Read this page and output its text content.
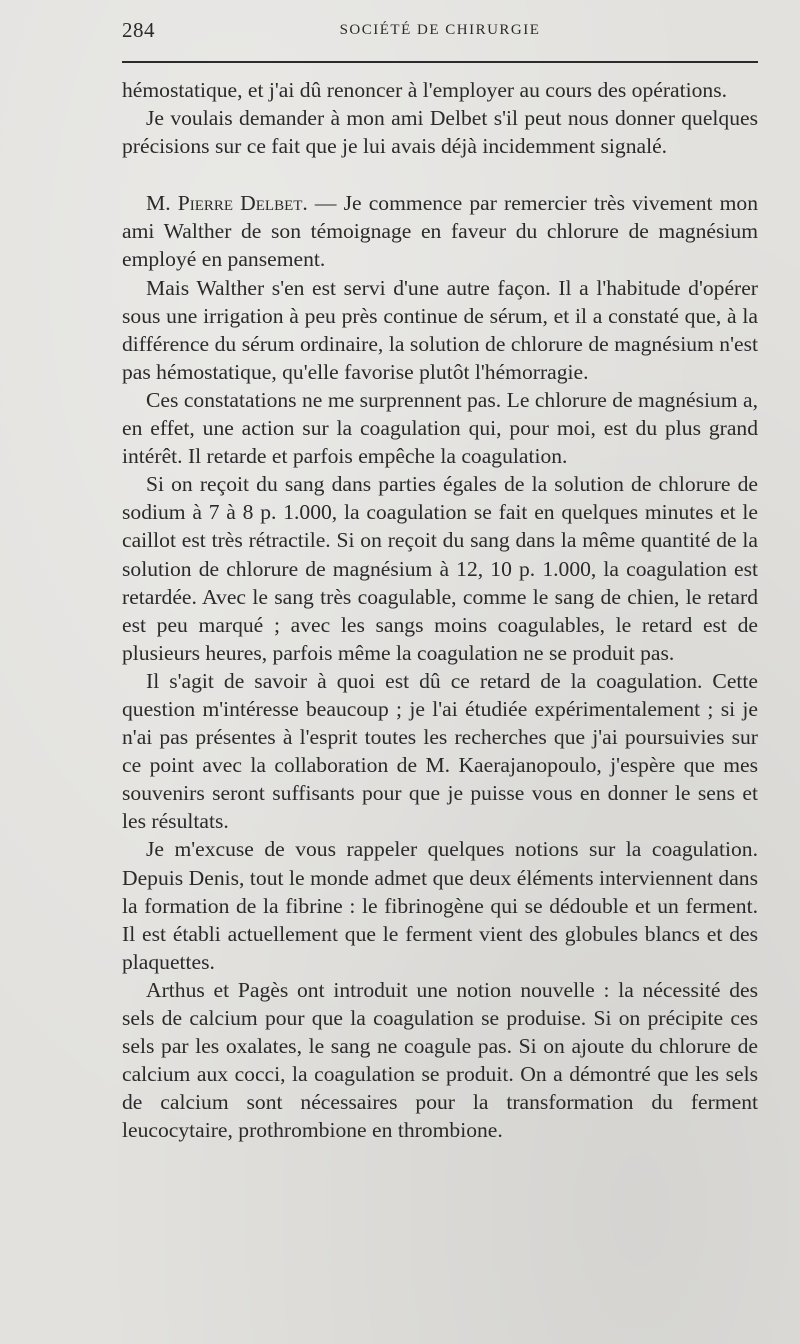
284	SOCIÉTÉ DE CHIRURGIE

hémostatique, et j'ai dû renoncer à l'employer au cours des opérations.

Je voulais demander à mon ami Delbet s'il peut nous donner quelques précisions sur ce fait que je lui avais déjà incidemment signalé.

M. Pierre Delbet. — Je commence par remercier très vivement mon ami Walther de son témoignage en faveur du chlorure de magnésium employé en pansement.

Mais Walther s'en est servi d'une autre façon. Il a l'habitude d'opérer sous une irrigation à peu près continue de sérum, et il a constaté que, à la différence du sérum ordinaire, la solution de chlorure de magnésium n'est pas hémostatique, qu'elle favorise plutôt l'hémorragie.

Ces constatations ne me surprennent pas. Le chlorure de magnésium a, en effet, une action sur la coagulation qui, pour moi, est du plus grand intérêt. Il retarde et parfois empêche la coagulation.

Si on reçoit du sang dans parties égales de la solution de chlorure de sodium à 7 à 8 p. 1.000, la coagulation se fait en quelques minutes et le caillot est très rétractile. Si on reçoit du sang dans la même quantité de la solution de chlorure de magnésium à 12, 10 p. 1.000, la coagulation est retardée. Avec le sang très coagulable, comme le sang de chien, le retard est peu marqué ; avec les sangs moins coagulables, le retard est de plusieurs heures, parfois même la coagulation ne se produit pas.

Il s'agit de savoir à quoi est dû ce retard de la coagulation. Cette question m'intéresse beaucoup ; je l'ai étudiée expérimentalement ; si je n'ai pas présentes à l'esprit toutes les recherches que j'ai poursuivies sur ce point avec la collaboration de M. Kaerajanopoulo, j'espère que mes souvenirs seront suffisants pour que je puisse vous en donner le sens et les résultats.

Je m'excuse de vous rappeler quelques notions sur la coagulation. Depuis Denis, tout le monde admet que deux éléments interviennent dans la formation de la fibrine : le fibrinogène qui se dédouble et un ferment. Il est établi actuellement que le ferment vient des globules blancs et des plaquettes.

Arthus et Pagès ont introduit une notion nouvelle : la nécessité des sels de calcium pour que la coagulation se produise. Si on précipite ces sels par les oxalates, le sang ne coagule pas. Si on ajoute du chlorure de calcium aux cocci, la coagulation se produit. On a démontré que les sels de calcium sont nécessaires pour la transformation du ferment leucocytaire, prothrombione en thrombione.
